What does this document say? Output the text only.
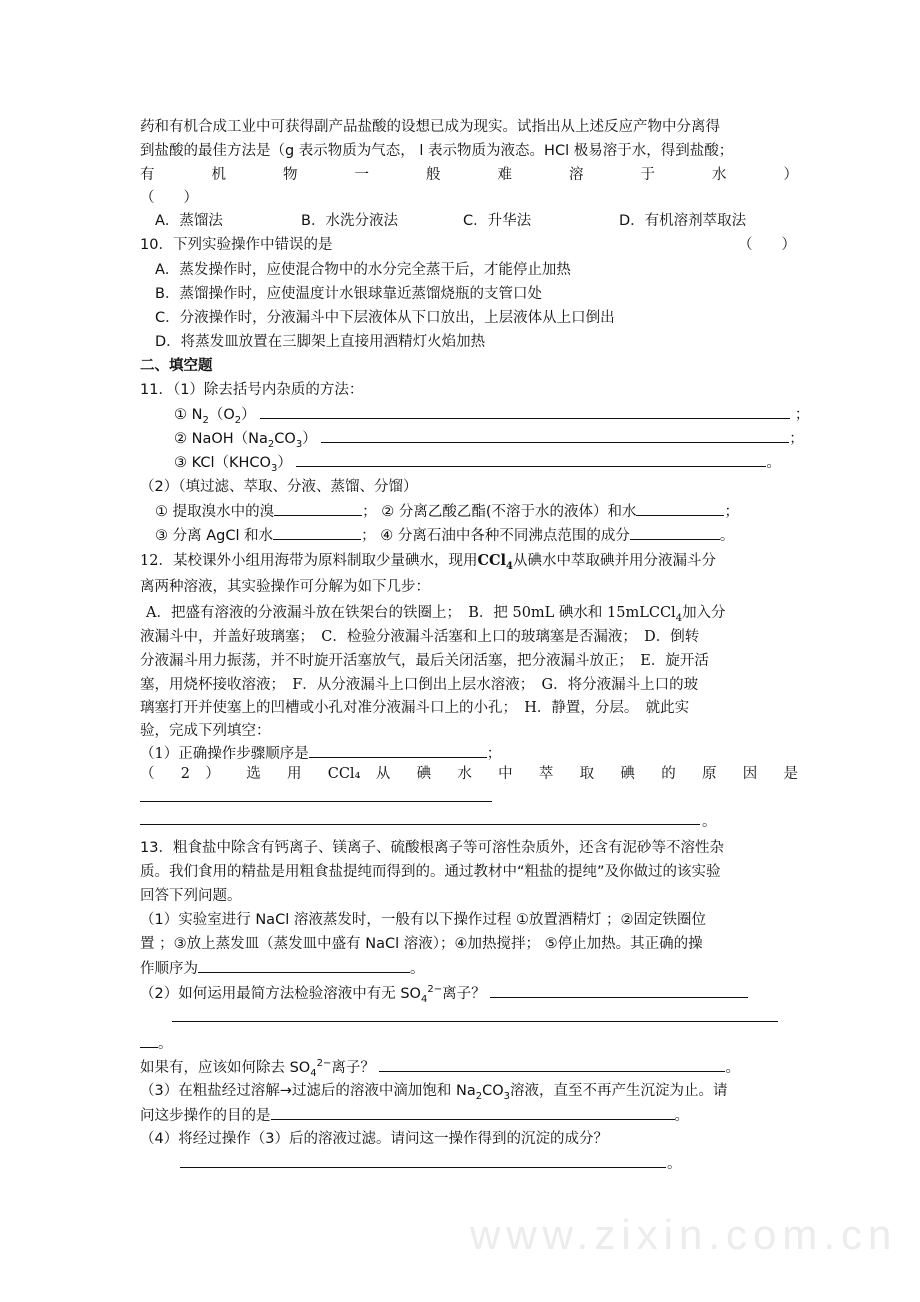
www.zixin.com.cn
药和有机合成工业中可获得副产品盐酸的设想已成为现实。试指出从上述反应产物中分离得
到盐酸的最佳方法是（g 表示物质为气态， l 表示物质为液态。HCl 极易溶于水，得到盐酸；
有 机 物 一 般 难 溶 于 水 ）
（　　）
A．蒸馏法	B．水洗分液法	C．升华法	D．有机溶剂萃取法
10．下列实验操作中错误的是	（　　）
A．蒸发操作时，应使混合物中的水分完全蒸干后，才能停止加热
B．蒸馏操作时，应使温度计水银球靠近蒸馏烧瓶的支管口处
C．分液操作时，分液漏斗中下层液体从下口放出，上层液体从上口倒出
D．将蒸发皿放置在三脚架上直接用酒精灯火焰加热
二、填空题
11．（1）除去括号内杂质的方法：
① $N_2(O_2)$	；
② $NaOH(Na_2CO_3)$	；
③ $KCl(KHCO_3)$	。
（2）（填过滤、萃取、分液、蒸馏、分馏）
① 提取溴水中的溴	； ② 分离乙酸乙酯(不溶于水的液体）和水	；
③ 分离 AgCl 和水	； ④ 分离石油中各种不同沸点范围的成分	。
12．某校课外小组用海带为原料制取少量碘水，现用CCl$_4$从碘水中萃取碘并用分液漏斗分
离两种溶液，其实验操作可分解为如下几步：
A．把盛有溶液的分液漏斗放在铁架台的铁圈上；　B．把 50mL 碘水和 15mLCCl$_4$加入分
液漏斗中，并盖好玻璃塞；　C．检验分液漏斗活塞和上口的玻璃塞是否漏液；　D．倒转
分液漏斗用力振荡，并不时旋开活塞放气，最后关闭活塞，把分液漏斗放正；　E．旋开活
塞，用烧杯接收溶液；　F．从分液漏斗上口倒出上层水溶液；　G．将分液漏斗上口的玻
璃塞打开并使塞上的凹槽或小孔对准分液漏斗口上的小孔；　H．静置，分层。　就此实
验，完成下列填空：
（1）正确操作步骤顺序是	；
（ 2 ） 选 用 CCl₄ 从 碘 水 中 萃 取 碘 的 原 因 是
。
13．粗食盐中除含有钙离子、镁离子、硫酸根离子等可溶性杂质外，还含有泥砂等不溶性杂
质。我们食用的精盐是用粗食盐提纯而得到的。通过教材中“粗盐的提纯”及你做过的该实验
回答下列问题。
（1）实验室进行 NaCl 溶液蒸发时，一般有以下操作过程 ①放置酒精灯 ；②固定铁圈位
置 ；③放上蒸发皿（蒸发皿中盛有 NaCl 溶液）；④加热搅拌； ⑤停止加热。其正确的操
作顺序为	。
（2）如何运用最简方法检验溶液中有无 $SO_4^{2-}$离子？
。
如果有，应该如何除去 $SO_4^{2-}$离子？	。
（3）在粗盐经过溶解→过滤后的溶液中滴加饱和 $Na_2CO_3$溶液，直至不再产生沉淀为止。请
问这步操作的目的是	。
（4）将经过操作（3）后的溶液过滤。请问这一操作得到的沉淀的成分？
。
